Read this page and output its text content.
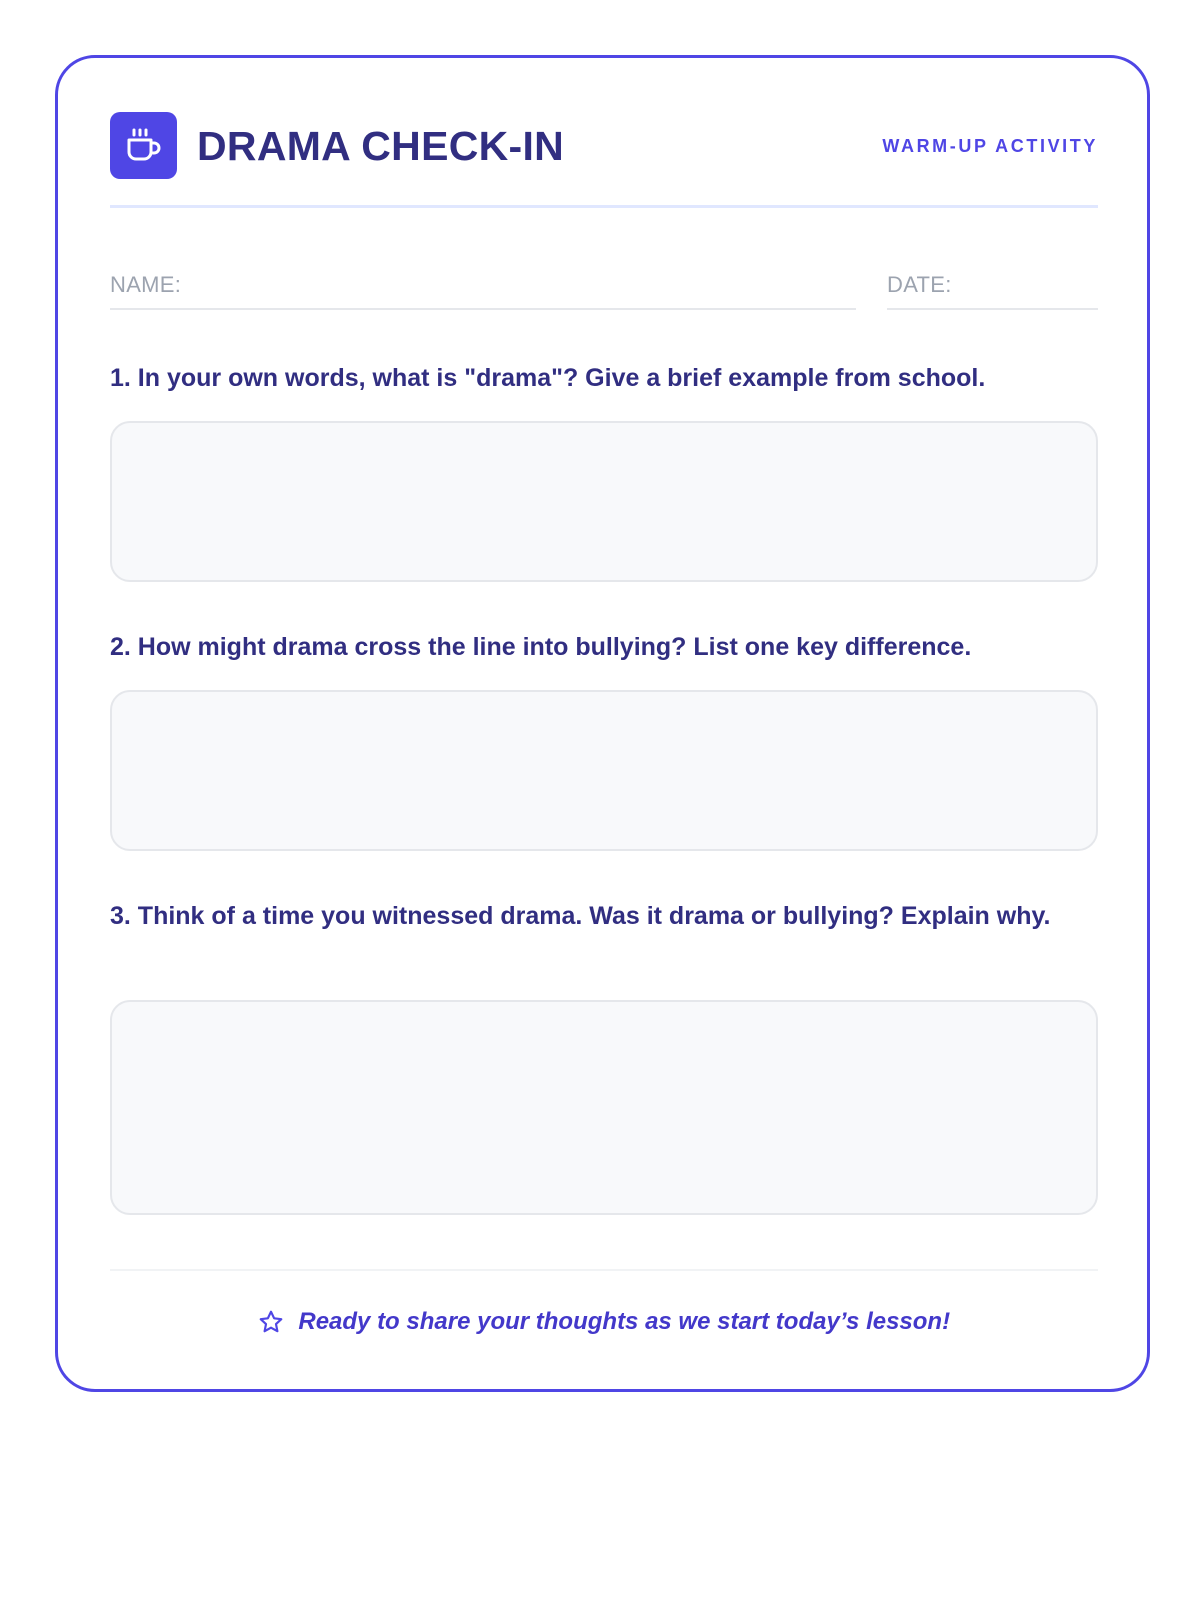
DRAMA CHECK-IN	WARM-UP ACTIVITY
NAME:	DATE:
1. In your own words, what is "drama"? Give a brief example from school.
2. How might drama cross the line into bullying? List one key difference.
3. Think of a time you witnessed drama. Was it drama or bullying? Explain why.
Ready to share your thoughts as we start today’s lesson!
